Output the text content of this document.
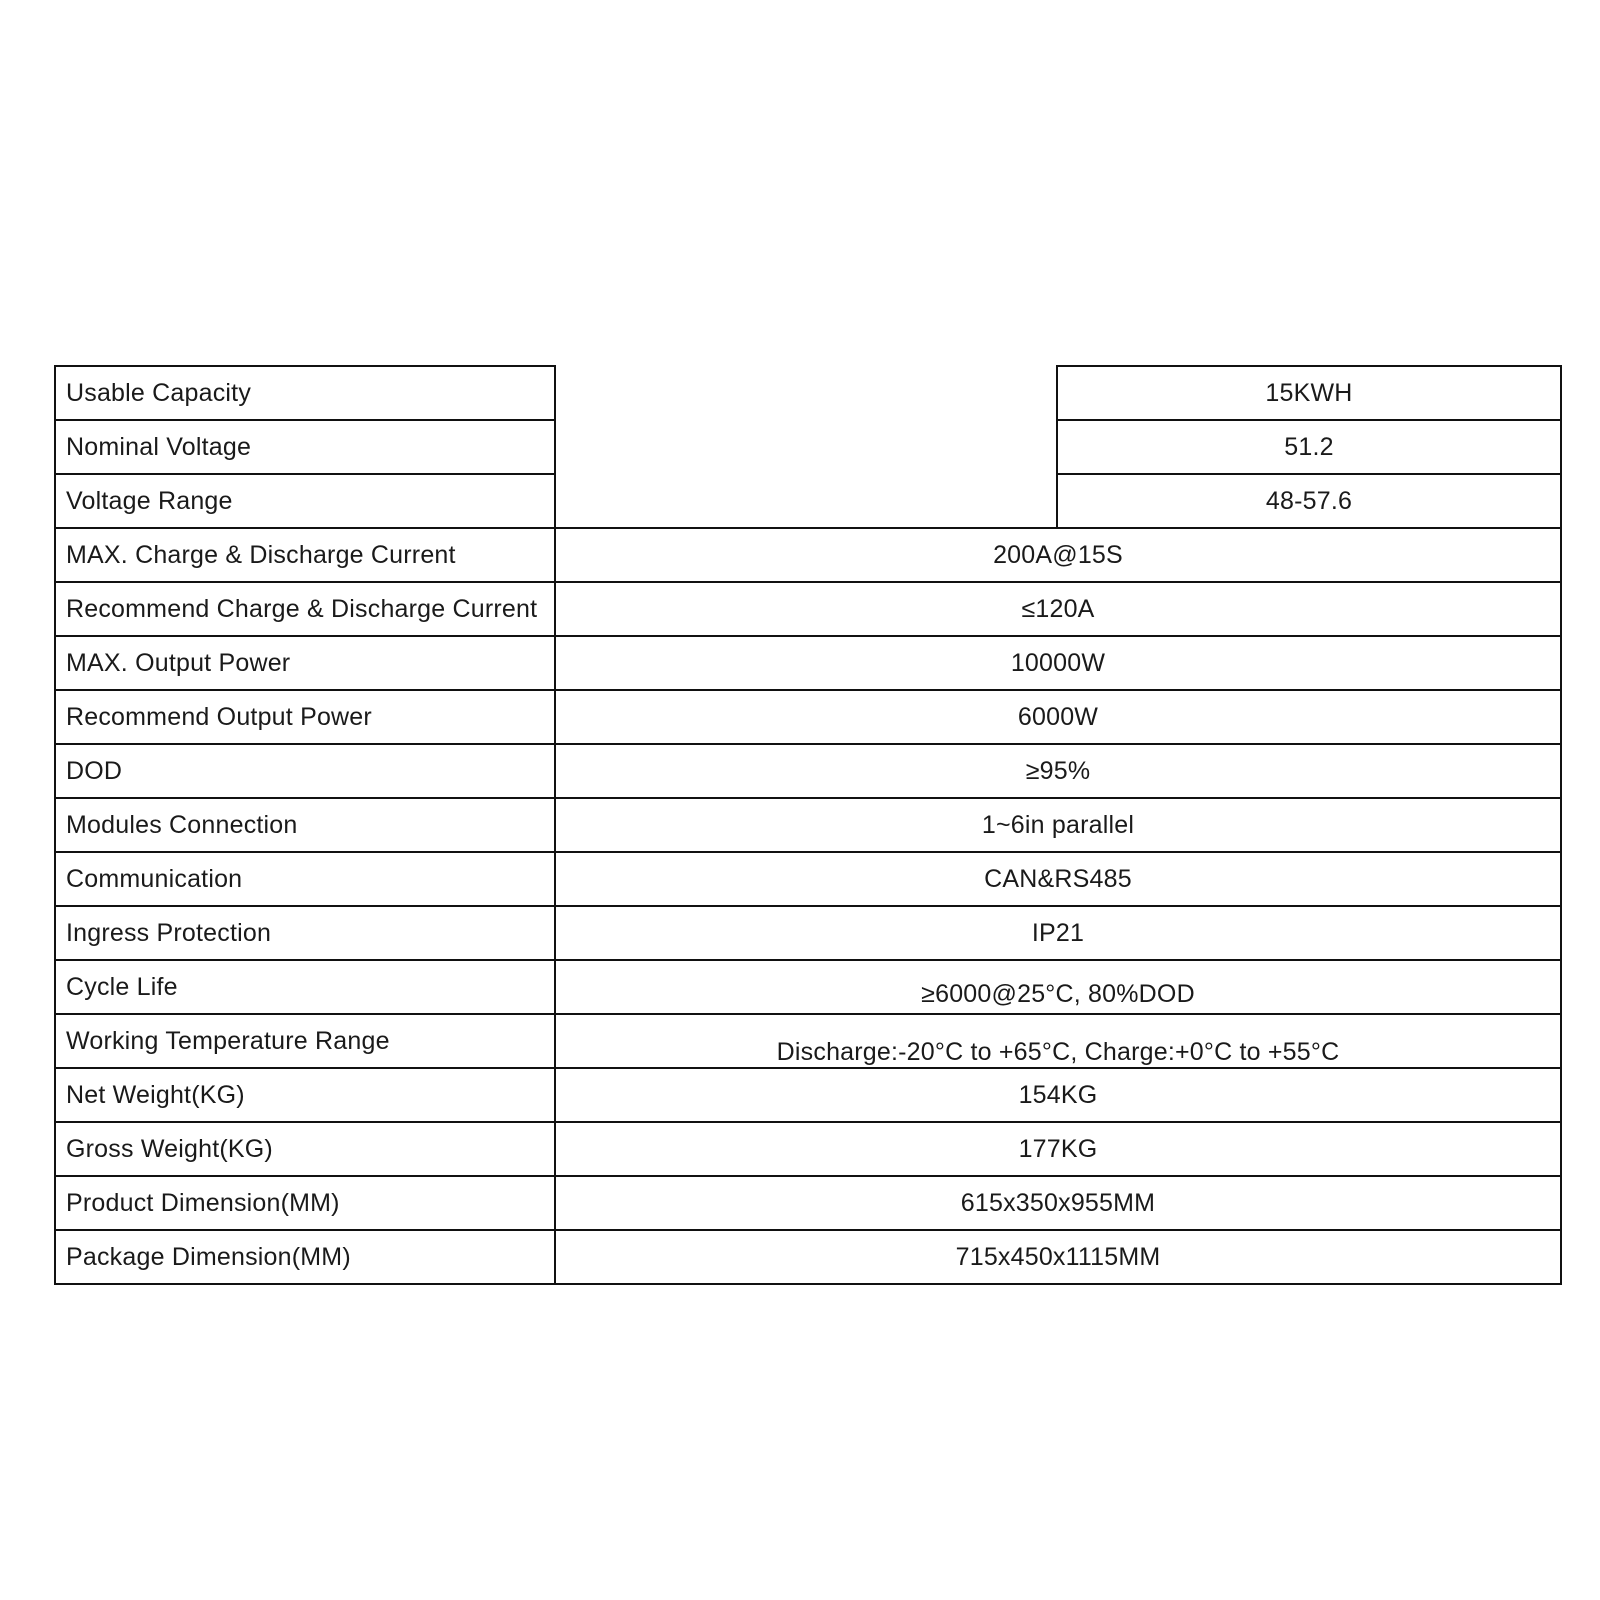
Usable Capacity	15KWH
Nominal Voltage	51.2
Voltage Range	48-57.6
MAX. Charge & Discharge Current	200A@15S
Recommend Charge & Discharge Current	≤120A
MAX. Output Power	10000W
Recommend Output Power	6000W
DOD	≥95%
Modules Connection	1~6in parallel
Communication	CAN&RS485
Ingress Protection	IP21
Cycle Life	≥6000@25°C, 80%DOD
Working Temperature Range	Discharge:-20°C to +65°C, Charge:+0°C to +55°C
Net Weight(KG)	154KG
Gross Weight(KG)	177KG
Product Dimension(MM)	615x350x955MM
Package Dimension(MM)	715x450x1115MM
